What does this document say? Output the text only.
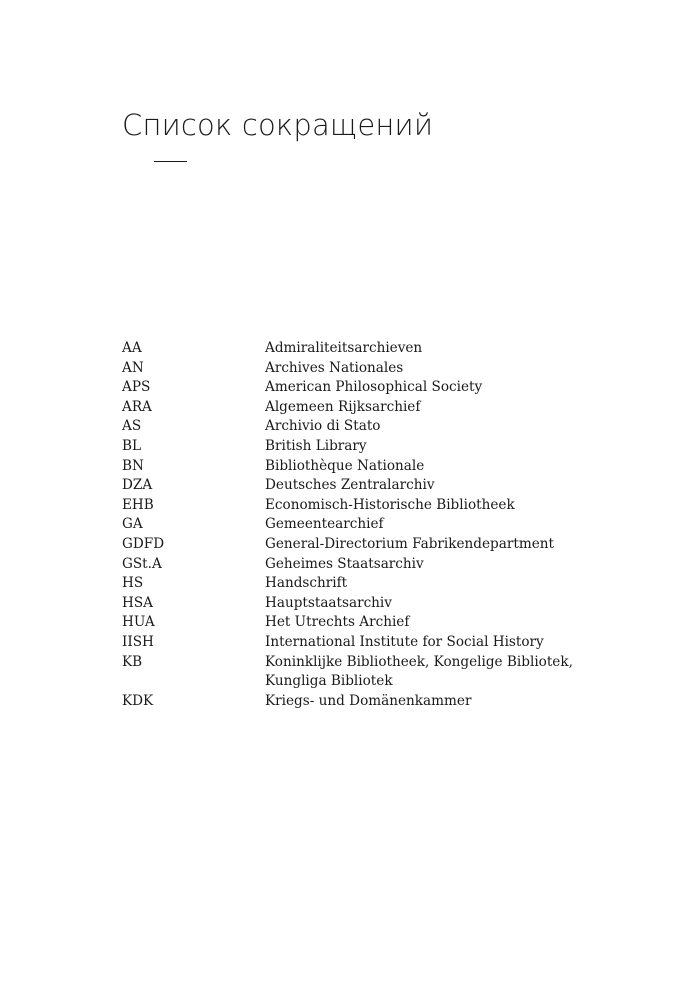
Список сокращений
AA	Admiraliteitsarchieven
AN	Archives Nationales
APS	American Philosophical Society
ARA	Algemeen Rijksarchief
AS	Archivio di Stato
BL	British Library
BN	Bibliothèque Nationale
DZA	Deutsches Zentralarchiv
EHB	Economisch-Historische Bibliotheek
GA	Gemeentearchief
GDFD	General-Directorium Fabrikendepartment
GSt.A	Geheimes Staatsarchiv
HS	Handschrift
HSA	Hauptstaatsarchiv
HUA	Het Utrechts Archief
IISH	International Institute for Social History
KB	Koninklijke Bibliotheek, Kongelige Bibliotek,
Kungliga Bibliotek
KDK	Kriegs- und Domänenkammer
